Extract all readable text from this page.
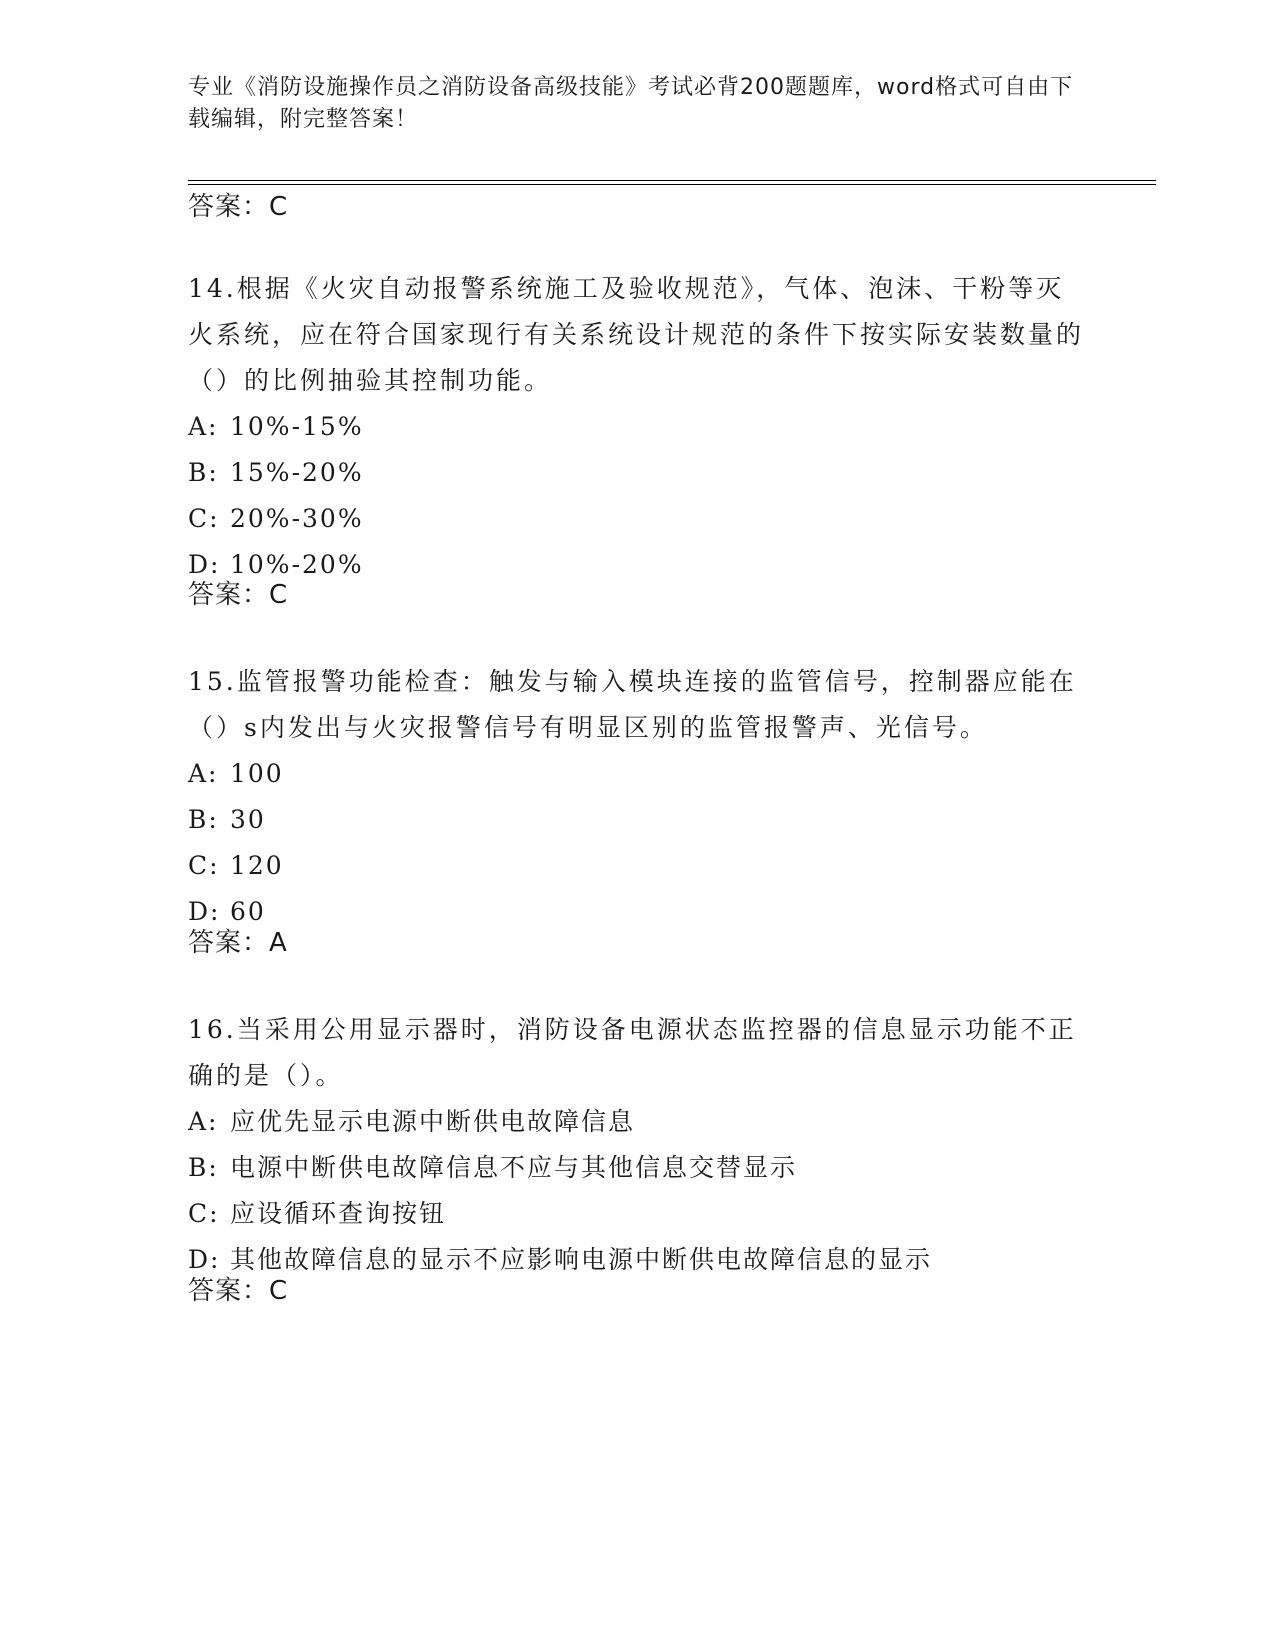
专业《消防设施操作员之消防设备高级技能》考试必背200题题库，word格式可自由下载编辑，附完整答案！
答案：C

14.根据《火灾自动报警系统施工及验收规范》，气体、泡沫、干粉等灭火系统，应在符合国家现行有关系统设计规范的条件下按实际安装数量的（）的比例抽验其控制功能。

A: 10%-15%

B: 15%-20%

C: 20%-30%

D: 10%-20%

答案：C

15.监管报警功能检查：触发与输入模块连接的监管信号，控制器应能在（）s内发出与火灾报警信号有明显区别的监管报警声、光信号。

A: 100

B: 30

C: 120

D: 60

答案：A

16.当采用公用显示器时，消防设备电源状态监控器的信息显示功能不正确的是（）。

A: 应优先显示电源中断供电故障信息

B: 电源中断供电故障信息不应与其他信息交替显示

C: 应设循环查询按钮

D: 其他故障信息的显示不应影响电源中断供电故障信息的显示

答案：C
